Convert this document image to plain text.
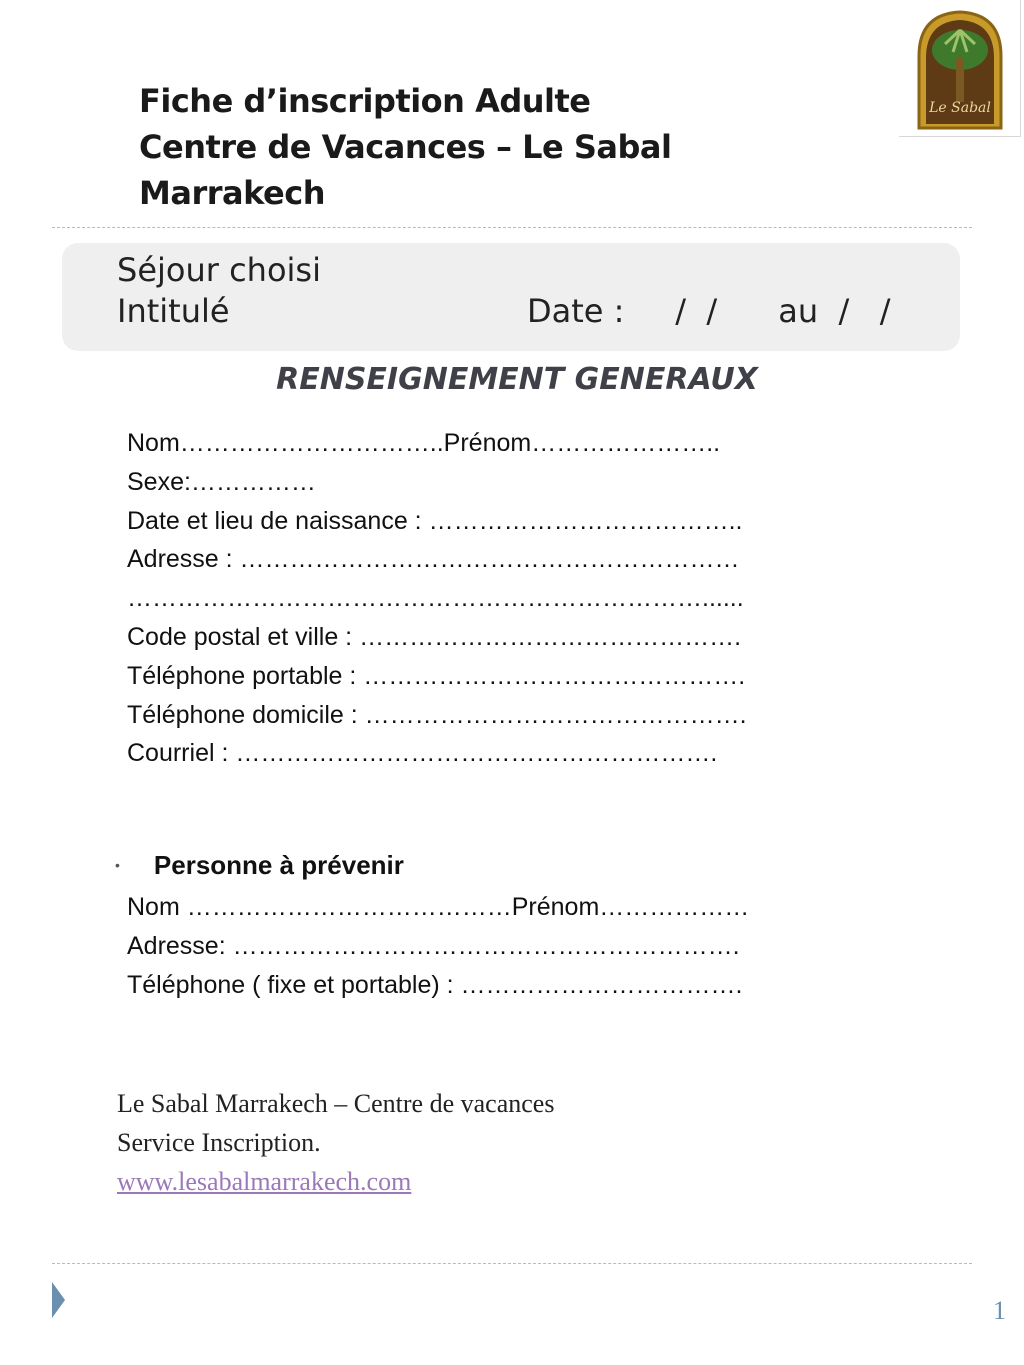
Fiche d’inscription Adulte
Centre de Vacances – Le Sabal
Marrakech
Le Sabal
Séjour choisi
Intitulé	Date :     /  /      au  /   /
RENSEIGNEMENT GENERAUX
Nom…………………………..Prénom…………………..
Sexe:……………
Date et lieu de naissance : ………………………………..
Adresse : ……………………………………………………
……………………………………………………………......
Code postal et ville : ……………………………………….
Téléphone portable : ……………………………………….
Téléphone domicile : ……………………………………….
Courriel : ………………………………………………….
• Personne à prévenir
Nom …………………………………Prénom………………
Adresse: …………………………………………………….
Téléphone ( fixe et portable) : …………………………….
Le Sabal Marrakech – Centre de vacances
Service Inscription.
www.lesabalmarrakech.com
1
